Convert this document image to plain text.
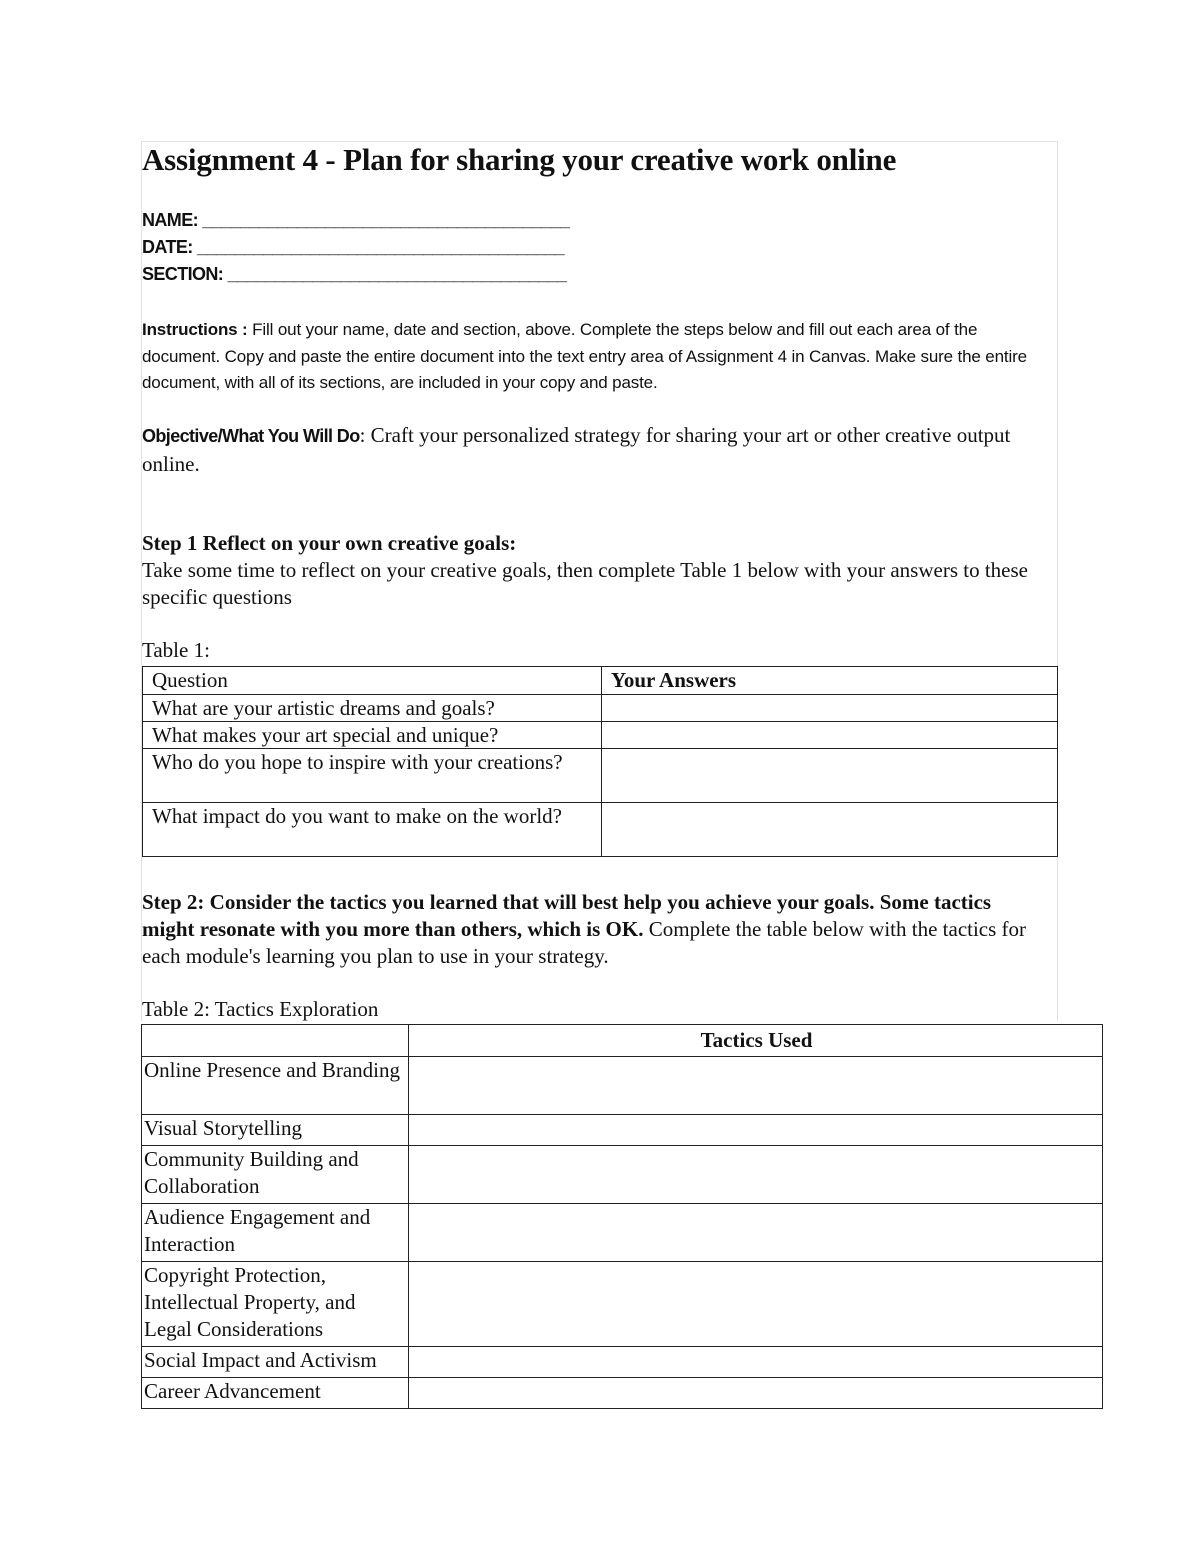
Assignment 4 - Plan for sharing your creative work online
NAME: _______________________________________
DATE: _______________________________________
SECTION: ____________________________________
Instructions : Fill out your name, date and section, above. Complete the steps below and fill out each area of the document. Copy and paste the entire document into the text entry area of Assignment 4 in Canvas. Make sure the entire document, with all of its sections, are included in your copy and paste.
Objective/What You Will Do: Craft your personalized strategy for sharing your art or other creative output online.
Step 1 Reflect on your own creative goals:
Take some time to reflect on your creative goals, then complete Table 1 below with your answers to these specific questions
Table 1:
Question	Your Answers
What are your artistic dreams and goals?	
What makes your art special and unique?	
Who do you hope to inspire with your creations?	
What impact do you want to make on the world?	
Step 2: Consider the tactics you learned that will best help you achieve your goals. Some tactics might resonate with you more than others, which is OK. Complete the table below with the tactics for each module's learning you plan to use in your strategy.
Table 2: Tactics Exploration
	Tactics Used
Online Presence and Branding	
Visual Storytelling	
Community Building and Collaboration	
Audience Engagement and Interaction	
Copyright Protection, Intellectual Property, and Legal Considerations	
Social Impact and Activism	
Career Advancement	
